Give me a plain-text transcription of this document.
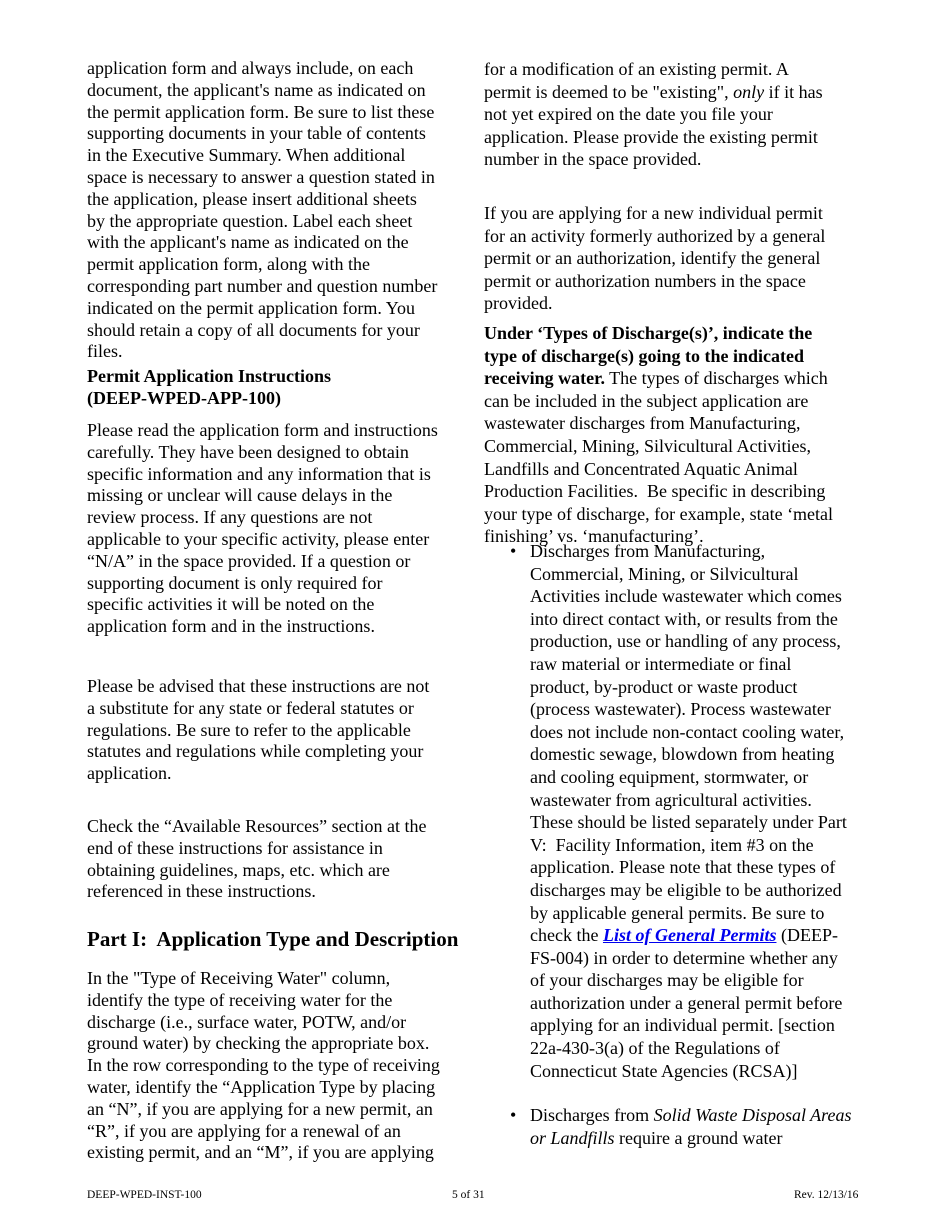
application form and always include, on each
document, the applicant's name as indicated on
the permit application form. Be sure to list these
supporting documents in your table of contents
in the Executive Summary. When additional
space is necessary to answer a question stated in
the application, please insert additional sheets
by the appropriate question. Label each sheet
with the applicant's name as indicated on the
permit application form, along with the
corresponding part number and question number
indicated on the permit application form. You
should retain a copy of all documents for your
files.

Permit Application Instructions
(DEEP-WPED-APP-100)

Please read the application form and instructions
carefully. They have been designed to obtain
specific information and any information that is
missing or unclear will cause delays in the
review process. If any questions are not
applicable to your specific activity, please enter
“N/A” in the space provided. If a question or
supporting document is only required for
specific activities it will be noted on the
application form and in the instructions.

Please be advised that these instructions are not
a substitute for any state or federal statutes or
regulations. Be sure to refer to the applicable
statutes and regulations while completing your
application.

Check the “Available Resources” section at the
end of these instructions for assistance in
obtaining guidelines, maps, etc. which are
referenced in these instructions.

Part I:  Application Type and Description

In the "Type of Receiving Water" column,
identify the type of receiving water for the
discharge (i.e., surface water, POTW, and/or
ground water) by checking the appropriate box.
In the row corresponding to the type of receiving
water, identify the “Application Type by placing
an “N”, if you are applying for a new permit, an
“R”, if you are applying for a renewal of an
existing permit, and an “M”, if you are applying

for a modification of an existing permit. A
permit is deemed to be "existing", only if it has
not yet expired on the date you file your
application. Please provide the existing permit
number in the space provided.

If you are applying for a new individual permit
for an activity formerly authorized by a general
permit or an authorization, identify the general
permit or authorization numbers in the space
provided.

Under ‘Types of Discharge(s)’, indicate the
type of discharge(s) going to the indicated
receiving water. The types of discharges which
can be included in the subject application are
wastewater discharges from Manufacturing,
Commercial, Mining, Silvicultural Activities,
Landfills and Concentrated Aquatic Animal
Production Facilities.  Be specific in describing
your type of discharge, for example, state ‘metal
finishing’ vs. ‘manufacturing’.

• Discharges from Manufacturing,
Commercial, Mining, or Silvicultural
Activities include wastewater which comes
into direct contact with, or results from the
production, use or handling of any process,
raw material or intermediate or final
product, by-product or waste product
(process wastewater). Process wastewater
does not include non-contact cooling water,
domestic sewage, blowdown from heating
and cooling equipment, stormwater, or
wastewater from agricultural activities.
These should be listed separately under Part
V:  Facility Information, item #3 on the
application. Please note that these types of
discharges may be eligible to be authorized
by applicable general permits. Be sure to
check the List of General Permits (DEEP-
FS-004) in order to determine whether any
of your discharges may be eligible for
authorization under a general permit before
applying for an individual permit. [section
22a-430-3(a) of the Regulations of
Connecticut State Agencies (RCSA)]
• Discharges from Solid Waste Disposal Areas
or Landfills require a ground water
DEEP-WPED-INST-100	5 of 31	Rev. 12/13/16
